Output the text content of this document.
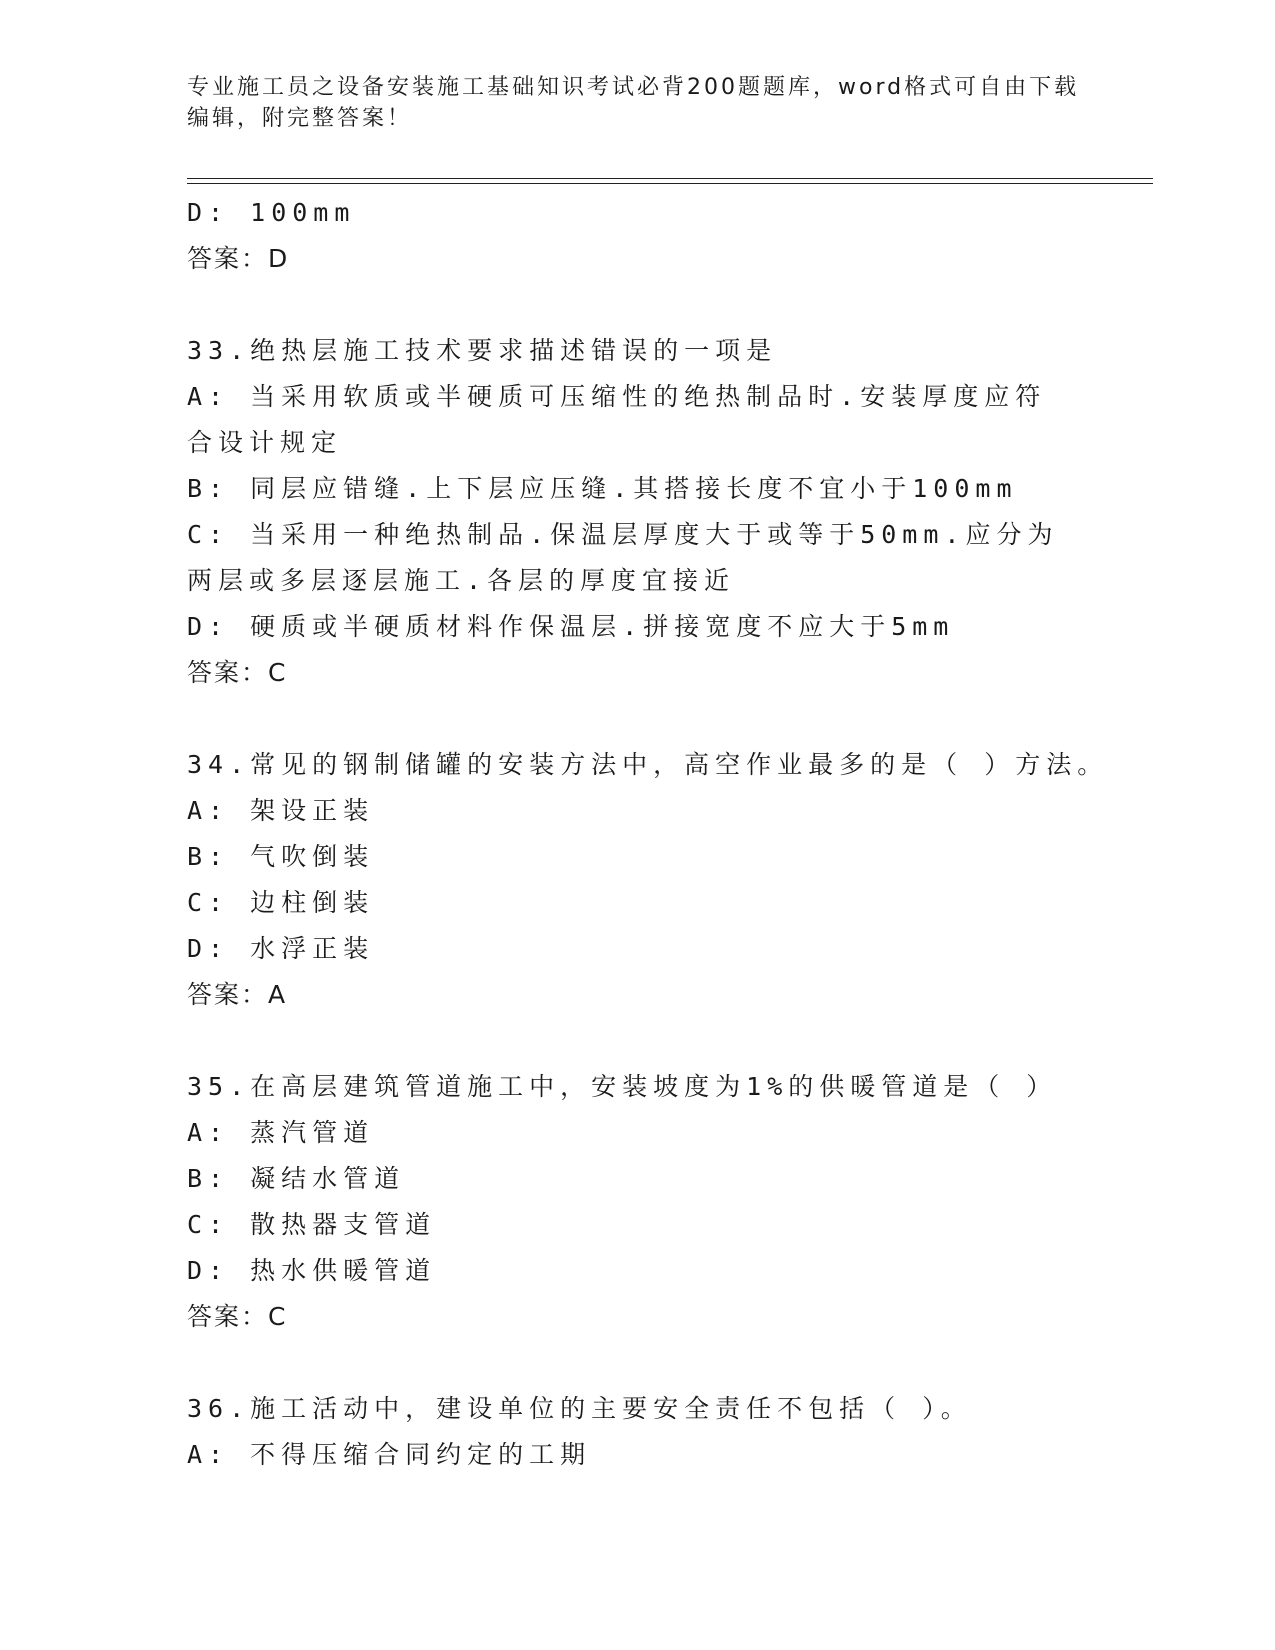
专业施工员之设备安装施工基础知识考试必背200题题库，word格式可自由下载
编辑，附完整答案！
D: 100mm
答案：D
33.绝热层施工技术要求描述错误的一项是
A: 当采用软质或半硬质可压缩性的绝热制品时.安装厚度应符合设计规定
B: 同层应错缝.上下层应压缝.其搭接长度不宜小于100mm
C: 当采用一种绝热制品.保温层厚度大于或等于50mm.应分为两层或多层逐层施工.各层的厚度宜接近
D: 硬质或半硬质材料作保温层.拼接宽度不应大于5mm
答案：C
34.常见的钢制储罐的安装方法中，高空作业最多的是（ ）方法。
A: 架设正装
B: 气吹倒装
C: 边柱倒装
D: 水浮正装
答案：A
35.在高层建筑管道施工中，安装坡度为1%的供暖管道是（ ）
A: 蒸汽管道
B: 凝结水管道
C: 散热器支管道
D: 热水供暖管道
答案：C
36.施工活动中，建设单位的主要安全责任不包括（ ）。
A: 不得压缩合同约定的工期
